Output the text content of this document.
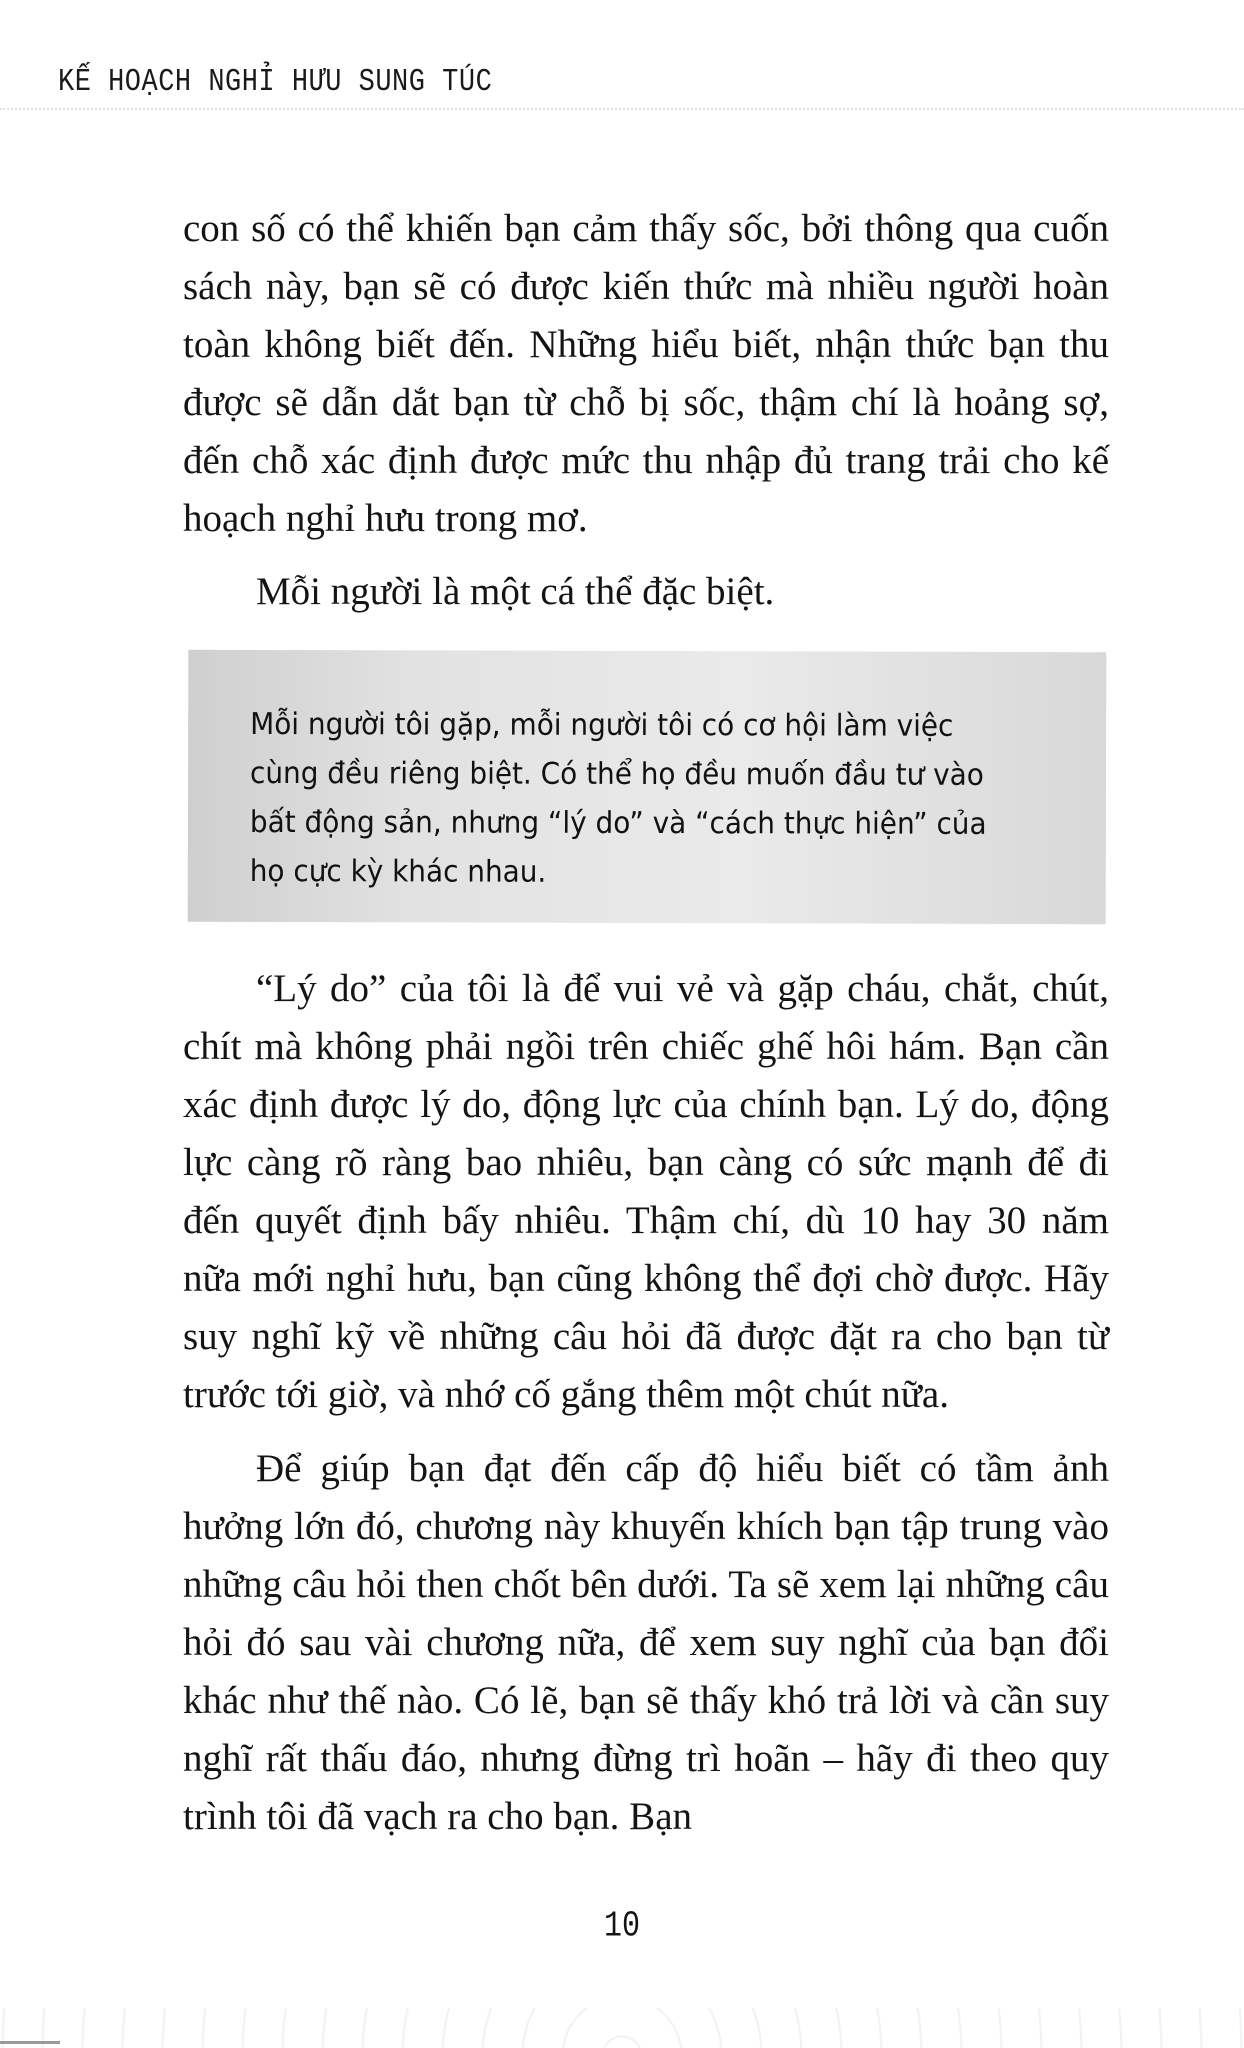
KẾ HOẠCH NGHỈ HƯU SUNG TÚC

con số có thể khiến bạn cảm thấy sốc, bởi thông qua cuốn sách này, bạn sẽ có được kiến thức mà nhiều người hoàn toàn không biết đến. Những hiểu biết, nhận thức bạn thu được sẽ dẫn dắt bạn từ chỗ bị sốc, thậm chí là hoảng sợ, đến chỗ xác định được mức thu nhập đủ trang trải cho kế hoạch nghỉ hưu trong mơ.

Mỗi người là một cá thể đặc biệt.

Mỗi người tôi gặp, mỗi người tôi có cơ hội làm việc cùng đều riêng biệt. Có thể họ đều muốn đầu tư vào bất động sản, nhưng “lý do” và “cách thực hiện” của họ cực kỳ khác nhau.

“Lý do” của tôi là để vui vẻ và gặp cháu, chắt, chút, chít mà không phải ngồi trên chiếc ghế hôi hám. Bạn cần xác định được lý do, động lực của chính bạn. Lý do, động lực càng rõ ràng bao nhiêu, bạn càng có sức mạnh để đi đến quyết định bấy nhiêu. Thậm chí, dù 10 hay 30 năm nữa mới nghỉ hưu, bạn cũng không thể đợi chờ được. Hãy suy nghĩ kỹ về những câu hỏi đã được đặt ra cho bạn từ trước tới giờ, và nhớ cố gắng thêm một chút nữa.

Để giúp bạn đạt đến cấp độ hiểu biết có tầm ảnh hưởng lớn đó, chương này khuyến khích bạn tập trung vào những câu hỏi then chốt bên dưới. Ta sẽ xem lại những câu hỏi đó sau vài chương nữa, để xem suy nghĩ của bạn đổi khác như thế nào. Có lẽ, bạn sẽ thấy khó trả lời và cần suy nghĩ rất thấu đáo, nhưng đừng trì hoãn – hãy đi theo quy trình tôi đã vạch ra cho bạn. Bạn

10
